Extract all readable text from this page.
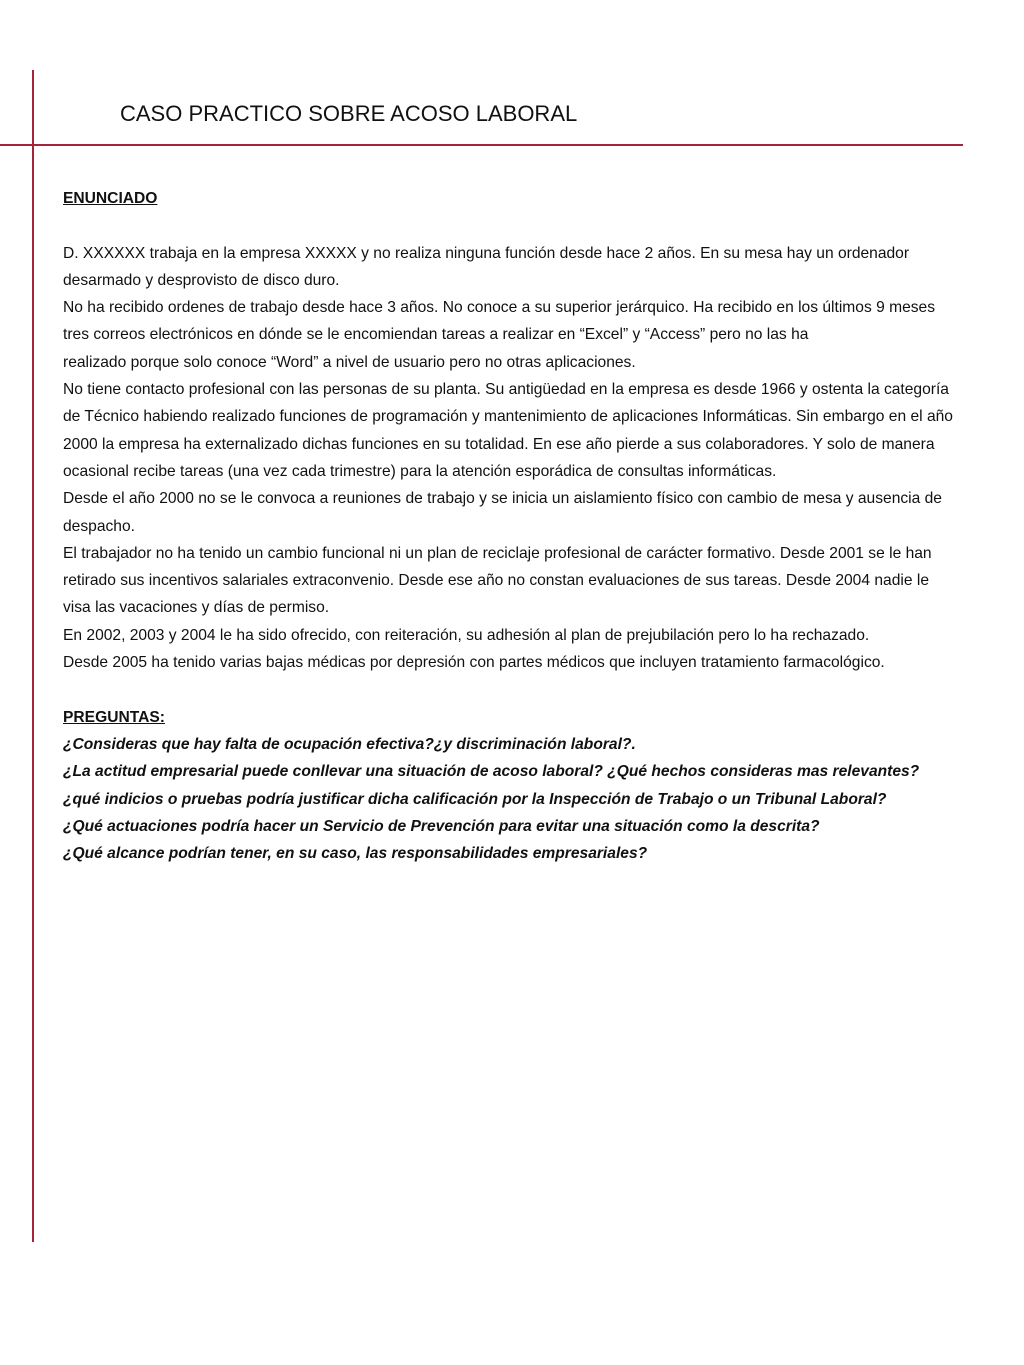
CASO PRACTICO SOBRE ACOSO LABORAL

ENUNCIADO

D. XXXXXX trabaja en la empresa XXXXX y no realiza ninguna función desde hace 2 años. En su mesa hay un ordenador desarmado y desprovisto de disco duro.

No ha recibido ordenes de trabajo desde hace 3 años. No conoce a su superior jerárquico. Ha recibido en los últimos 9 meses tres correos electrónicos en dónde se le encomiendan tareas a realizar en “Excel” y “Access” pero no las ha

realizado porque solo conoce “Word” a nivel de usuario pero no otras aplicaciones.

No tiene contacto profesional con las personas de su planta. Su antigüedad en la empresa es desde 1966 y ostenta la categoría de Técnico habiendo realizado funciones de programación y mantenimiento de aplicaciones Informáticas. Sin embargo en el año 2000 la empresa ha externalizado dichas funciones en su totalidad. En ese año pierde a sus colaboradores. Y solo de manera ocasional recibe tareas (una vez cada trimestre) para la atención esporádica de consultas informáticas.

Desde el año 2000 no se le convoca a reuniones de trabajo y se inicia un aislamiento físico con cambio de mesa y ausencia de despacho.

El trabajador no ha tenido un cambio funcional ni un plan de reciclaje profesional de carácter formativo. Desde 2001 se le han retirado sus incentivos salariales extraconvenio. Desde ese año no constan evaluaciones de sus tareas. Desde 2004 nadie le visa las vacaciones y días de permiso.

En 2002, 2003 y 2004 le ha sido ofrecido, con reiteración, su adhesión al plan de prejubilación pero lo ha rechazado.

Desde 2005 ha tenido varias bajas médicas por depresión con partes médicos que incluyen tratamiento farmacológico.

PREGUNTAS:

¿Consideras que hay falta de ocupación efectiva?¿y discriminación laboral?.

¿La actitud empresarial puede conllevar una situación de acoso laboral? ¿Qué hechos consideras mas relevantes? ¿qué indicios o pruebas podría justificar dicha calificación por la Inspección de Trabajo o un Tribunal Laboral?

¿Qué actuaciones podría hacer un Servicio de Prevención para evitar una situación como la descrita?

¿Qué alcance podrían tener, en su caso, las responsabilidades empresariales?
